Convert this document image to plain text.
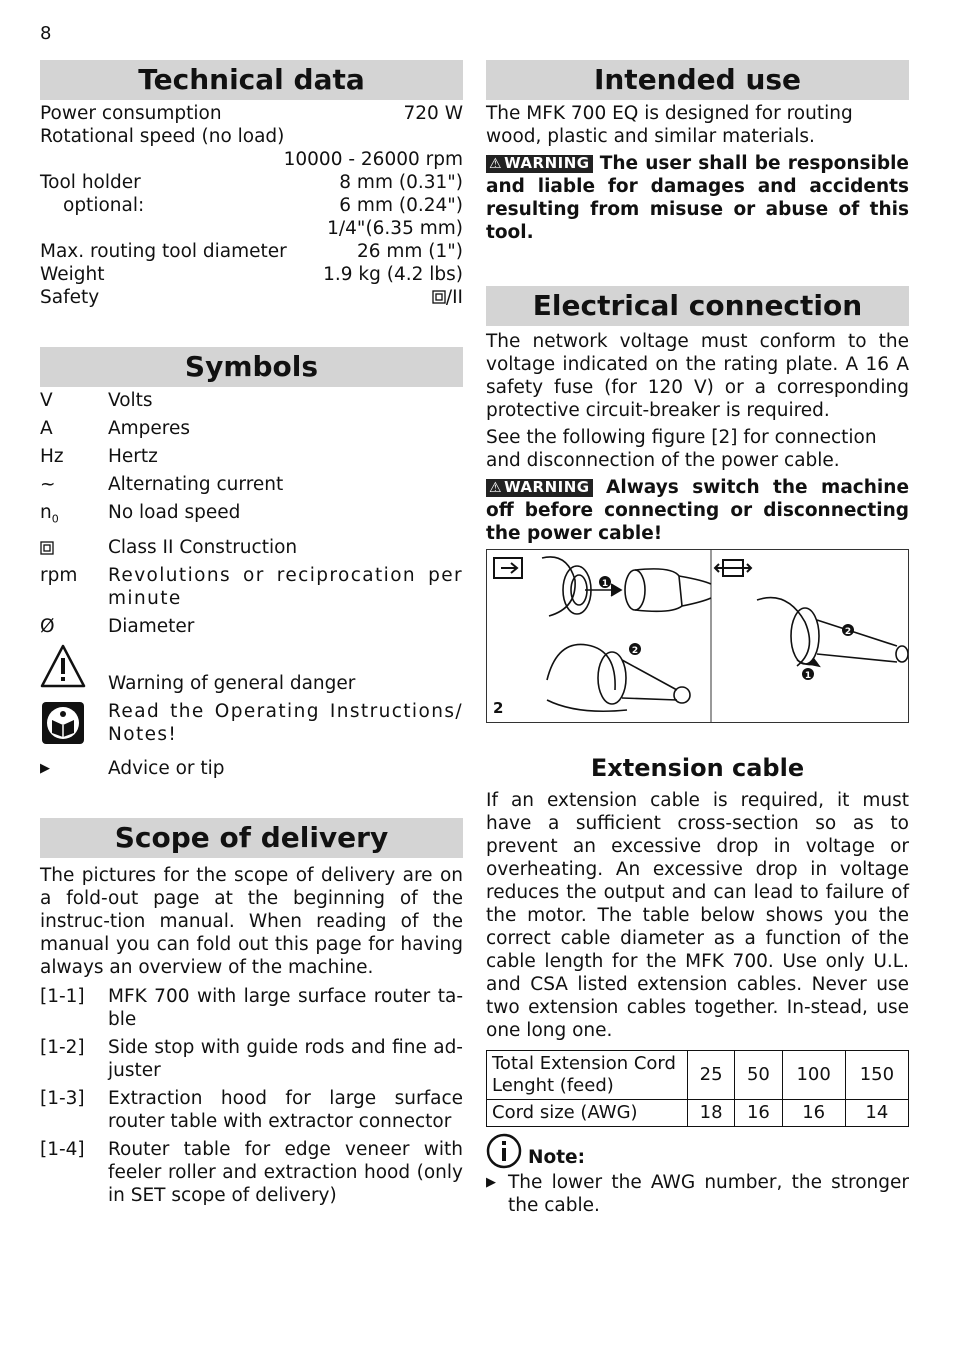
8
Technical data
Power consumption	720 W
Rotational speed (no load)
10000 - 26000 rpm
Tool holder	8 mm (0.31")
optional:	6 mm (0.24")
1/4"(6.35 mm)
Max. routing tool diameter	26 mm (1")
Weight	1.9 kg (4.2 lbs)
Safety	/II
Symbols
V	Volts
A	Amperes
Hz	Hertz
~	Alternating current
$n_0$	No load speed
Class II Construction
rpm	Revolutions or reciprocation per minute
Ø	Diameter
Warning of general danger
Read the Operating Instructions/ Notes!
▶	Advice or tip
Scope of delivery
The pictures for the scope of delivery are on a fold-out page at the beginning of the instruc-tion manual. When reading of the manual you can fold out this page for having always an overview of the machine.
[1-1]	MFK 700 with large surface router ta-ble
[1-2]	Side stop with guide rods and fine ad-juster
[1-3]	Extraction hood for large surface router table with extractor connector
[1-4]	Router table for edge veneer with feeler roller and extraction hood (only in SET scope of delivery)
Intended use
The MFK 700 EQ is designed for routing wood, plastic and similar materials.
⚠ WARNING The user shall be responsible and liable for damages and accidents resulting from misuse or abuse of this tool.
Electrical connection
The network voltage must conform to the voltage indicated on the rating plate. A 16 A safety fuse (for 120 V) or a corresponding protective circuit-breaker is required.
See the following figure [2] for connection and disconnection of the power cable.
⚠ WARNING Always switch the machine off before connecting or disconnecting the power cable!
1
2
2
1
2
Extension cable
If an extension cable is required, it must have a sufficient cross-section so as to prevent an excessive drop in voltage or overheating. An excessive drop in voltage reduces the output and can lead to failure of the motor. The table below shows you the correct cable diameter as a function of the cable length for the MFK 700. Use only U.L. and CSA listed extension cables. Never use two extension cables together. In-stead, use one long one.
Total Extension Cord Lenght (feed)	25	50	100	150
Cord size (AWG)	18	16	16	14
Note:
▶ The lower the AWG number, the stronger the cable.
